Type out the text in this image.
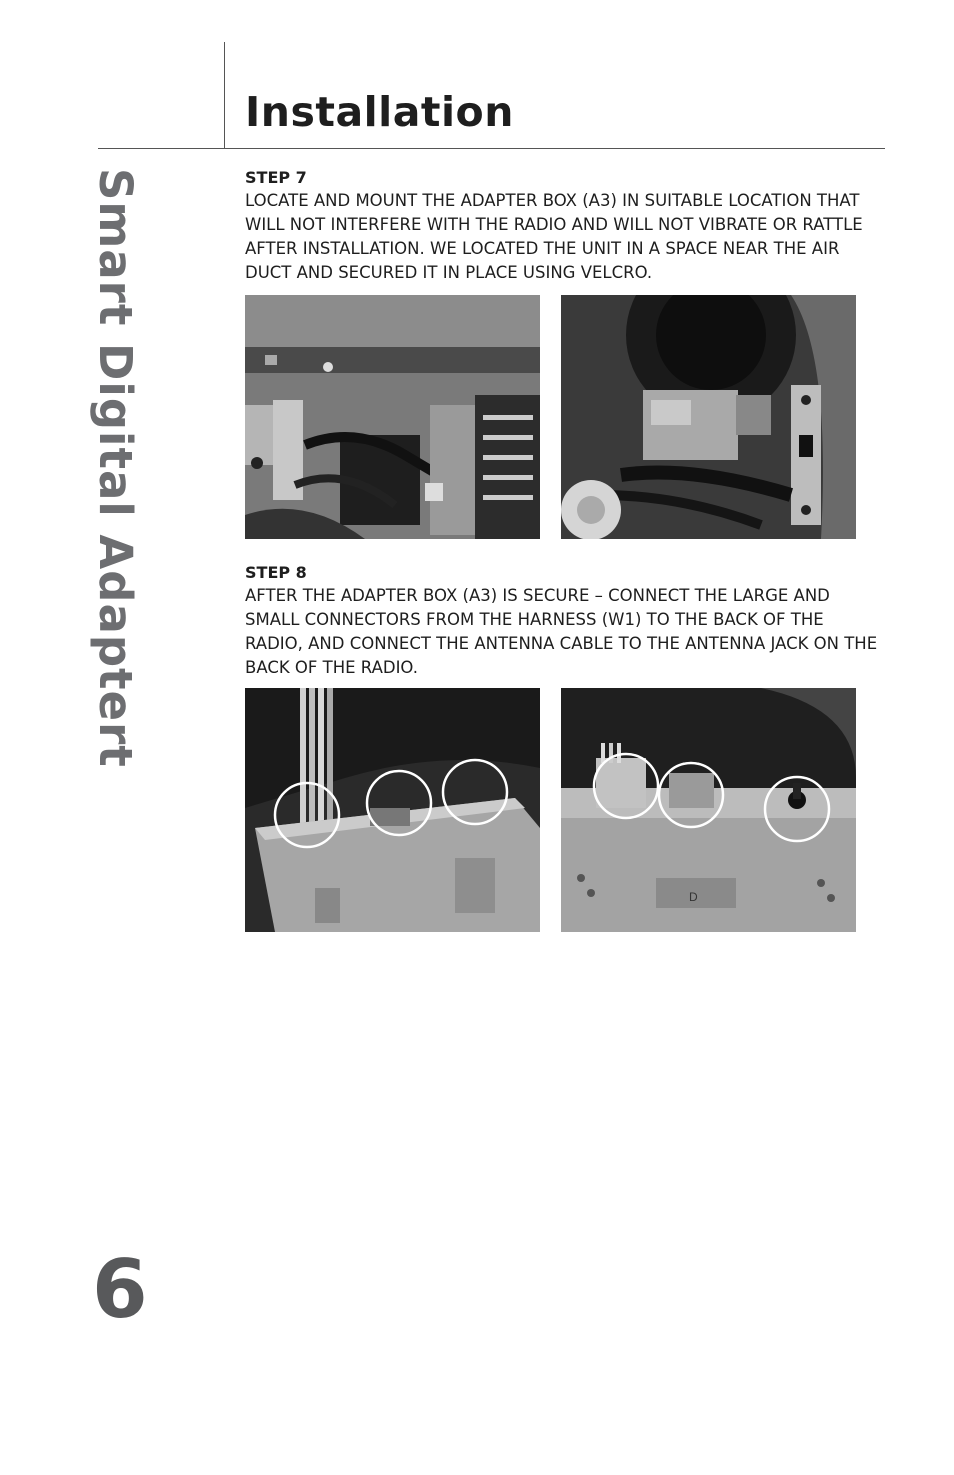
Installation
Smart Digital Adaptert	STEP 7

LOCATE AND MOUNT THE ADAPTER BOX (A3) IN SUITABLE LOCATION THAT WILL NOT INTERFERE WITH THE RADIO AND WILL NOT VIBRATE OR RATTLE AFTER INSTALLATION. WE LOCATED THE UNIT IN A SPACE NEAR THE AIR DUCT AND SECURED IT IN PLACE USING VELCRO.

STEP 8

AFTER THE ADAPTER BOX (A3) IS SECURE – CONNECT THE LARGE AND SMALL CONNECTORS FROM THE HARNESS (W1) TO THE BACK OF THE RADIO, AND CONNECT THE ANTENNA CABLE TO THE ANTENNA JACK ON THE BACK OF THE RADIO.

D
6
